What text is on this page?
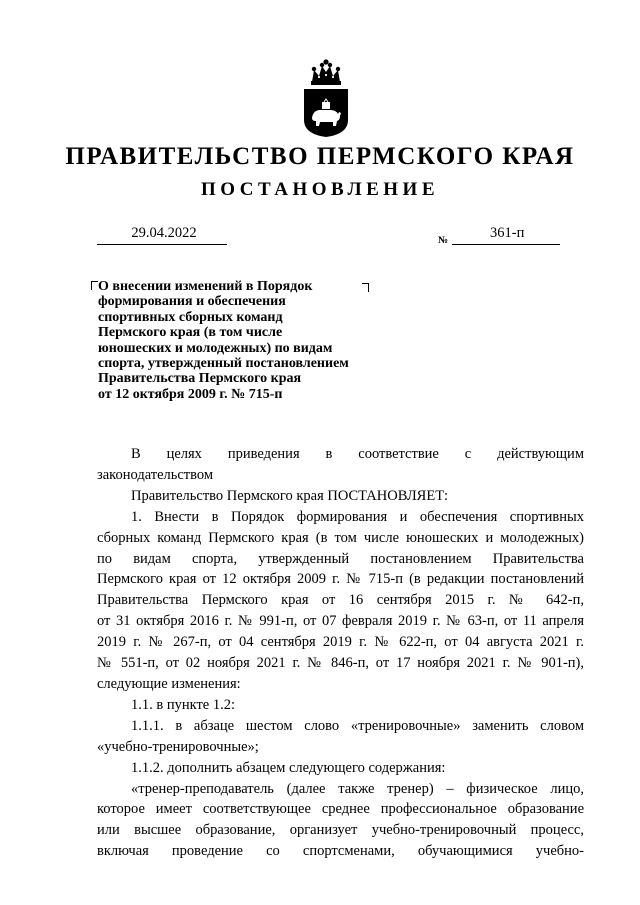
ПРАВИТЕЛЬСТВО ПЕРМСКОГО КРАЯ
ПОСТАНОВЛЕНИЕ
29.04.2022	№	361-п
О внесении изменений в Порядок
формирования и обеспечения
спортивных сборных команд
Пермского края (в том числе
юношеских и молодежных) по видам
спорта, утвержденный постановлением
Правительства Пермского края
от 12 октября 2009 г. № 715-п
В целях приведения в соответствие с действующим
законодательством
Правительство Пермского края ПОСТАНОВЛЯЕТ:
1. Внести в Порядок формирования и обеспечения спортивных
сборных команд Пермского края (в том числе юношеских и молодежных)
по видам спорта, утвержденный постановлением Правительства
Пермского края от 12 октября 2009 г. № 715-п (в редакции постановлений
Правительства Пермского края от 16 сентября 2015 г. № 642-п,
от 31 октября 2016 г. № 991-п, от 07 февраля 2019 г. № 63-п, от 11 апреля
2019 г. № 267-п, от 04 сентября 2019 г. № 622-п, от 04 августа 2021 г.
№ 551-п, от 02 ноября 2021 г. № 846-п, от 17 ноября 2021 г. № 901-п),
следующие изменения:
1.1. в пункте 1.2:
1.1.1. в абзаце шестом слово «тренировочные» заменить словом
«учебно-тренировочные»;
1.1.2. дополнить абзацем следующего содержания:
«тренер-преподаватель (далее также тренер) – физическое лицо,
которое имеет соответствующее среднее профессиональное образование
или высшее образование, организует учебно-тренировочный процесс,
включая проведение со спортсменами, обучающимися учебно-
